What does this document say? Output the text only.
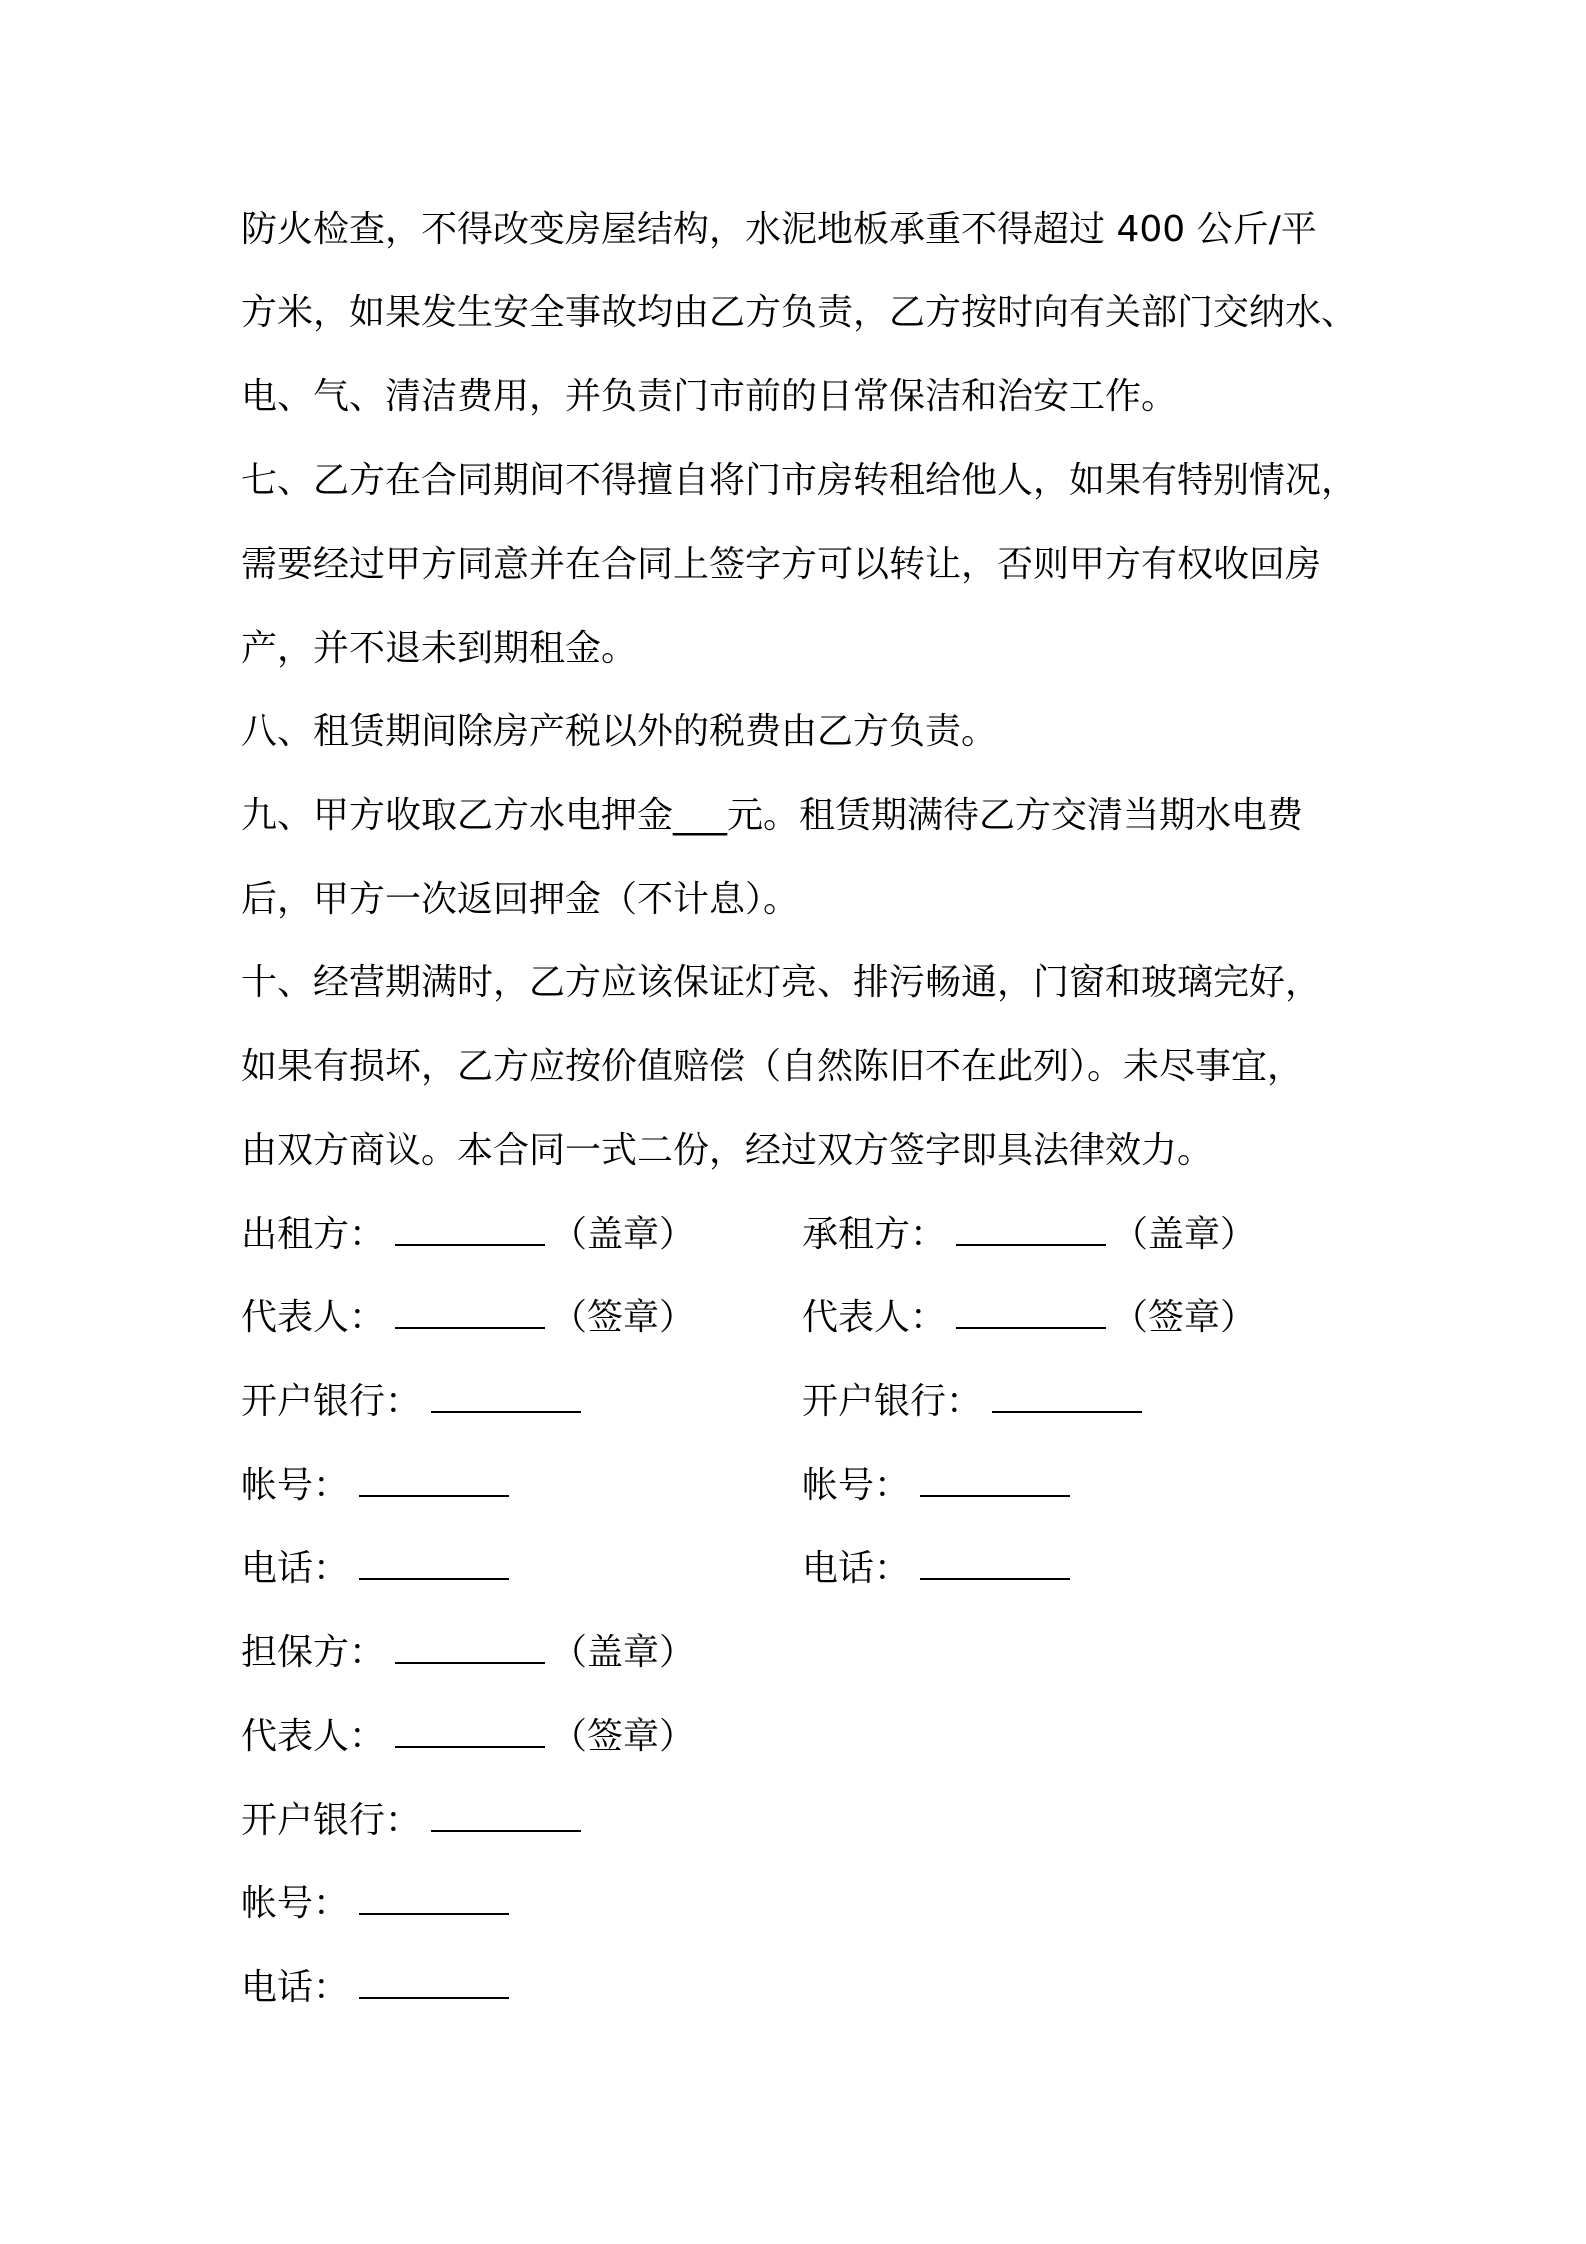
防火检查，不得改变房屋结构，水泥地板承重不得超过 400 公斤/平
方米，如果发生安全事故均由乙方负责，乙方按时向有关部门交纳水、
电、气、清洁费用，并负责门市前的日常保洁和治安工作。
七、乙方在合同期间不得擅自将门市房转租给他人，如果有特别情况，
需要经过甲方同意并在合同上签字方可以转让，否则甲方有权收回房
产，并不退未到期租金。
八、租赁期间除房产税以外的税费由乙方负责。
九、甲方收取乙方水电押金___元。租赁期满待乙方交清当期水电费
后，甲方一次返回押金（不计息）。
十、经营期满时，乙方应该保证灯亮、排污畅通，门窗和玻璃完好，
如果有损坏，乙方应按价值赔偿（自然陈旧不在此列）。未尽事宜，
由双方商议。本合同一式二份，经过双方签字即具法律效力。
出租方：	（盖章）
代表人：	（签章）
开户银行：
帐号：
电话：
承租方：	（盖章）
代表人：	（签章）
开户银行：
帐号：
电话：
担保方：	（盖章）
代表人：	（签章）
开户银行：
帐号：
电话：
